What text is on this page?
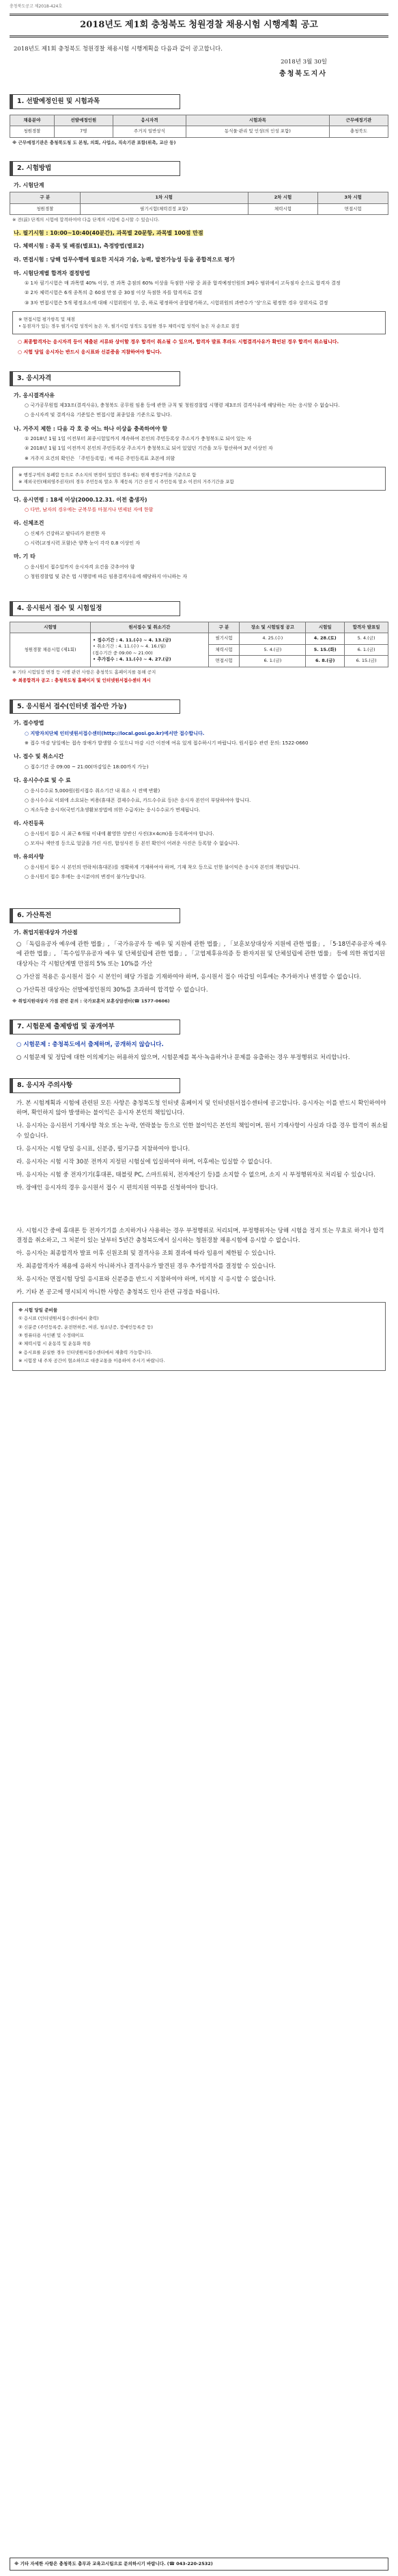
충청북도공고 제2018-424호
2018년도 제1회 충청북도 청원경찰 채용시험 시행계획 공고
2018년도 제1회 충청북도 청원경찰 채용시험 시행계획을 다음과 같이 공고합니다.
2018년 3월 30일
충청북도지사
1. 선발예정인원 및 시험과목
채용분야	선발예정인원	응시자격	시험과목	근무예정기관
청원경찰	7명	주거지 일반상식	동식물·관리 및 인성(의 인성 포함)	충청북도
※ 근무예정기관은 충청북도청 도 본청, 의회, 사업소, 직속기관 포함(위촉, 교산 등)
2. 시험방법
가. 시험단계
구 분	1차 시험	2차 시험	3차 시험
청원경찰	필기시험(체력검정 포함)	체력시험	면접시험
※ 전(前) 단계의 시험에 합격하여야 다음 단계의 시험에 응시할 수 있습니다.
나. 필기시험 : 10:00~10:40(40분간), 과목별 20문항, 과목별 100점 만점
다. 체력시험 : 종목 및 배점(별표1), 측정방법(별표2)
라. 면접시험 : 당해 업무수행에 필요한 지식과 기술, 능력, 발전가능성 등을 종합적으로 평가
마. 시험단계별 합격자 결정방법
① 1차 필기시험은 매 과목별 40% 이상, 전 과목 총점의 60% 이상을 득점한 사람 중 최종 합격예정인원의 3배수 범위에서 고득점자 순으로 합격자 결정
② 2차 체력시험은 6개 종목의 총 60점 만점 중 30점 이상 득점한 자를 합격자로 결정
③ 3차 면접시험은 5개 평정요소에 대해 시험위원이 상, 중, 하로 평정하여 종합평가하고, 시험위원의 과반수가 '상'으로 평정한 경우 상위자로 결정
※ 면접시험 평가항목 및 채점
• 동점자가 있는 경우 필기시험 성적이 높은 자, 필기시험 성적도 동일한 경우 체력시험 성적이 높은 자 순으로 결정
○ 최종합격자는 응시자격 등이 제출된 서류와 상이할 경우 합격이 취소될 수 있으며, 합격자 발표 후라도 시험결격사유가 확인된 경우 합격이 취소됩니다.
○ 시험 당일 응시자는 반드시 응시표와 신분증을 지참하여야 합니다.
3. 응시자격
가. 응시결격사유
○ 국가공무원법 제33조(결격사유), 충청북도 공무원 임용 등에 관한 규칙 및 청원경찰법 시행령 제3조의 결격사유에 해당하는 자는 응시할 수 없습니다.
○ 응시자격 및 결격사유 기준일은 면접시험 최종일을 기준으로 합니다.
나. 거주지 제한 : 다음 각 호 중 어느 하나 이상을 충족하여야 함
① 2018년 1월 1일 이전부터 최종시험일까지 계속하여 본인의 주민등록상 주소지가 충청북도로 되어 있는 자
② 2018년 1월 1일 이전까지 본인의 주민등록상 주소지가 충청북도로 되어 있었던 기간을 모두 합산하여 3년 이상인 자
※ 거주지 요건의 확인은 「주민등록법」에 따른 주민등록표 초본에 의함
※ 행정구역의 통폐합 등으로 주소지의 변경이 있었던 경우에는 현재 행정구역을 기준으로 함
※ 재외국민(해외영주권자)의 경우 주민등록 말소 후 재등록 기간 산정 시 주민등록 말소 이전의 거주기간을 포함
다. 응시연령 : 18세 이상(2000.12.31. 이전 출생자)
○ 다만, 남자의 경우에는 군복무를 마쳤거나 면제된 자에 한함
라. 신체조건
○ 신체가 건강하고 팔다리가 완전한 자
○ 시력(교정시력 포함)은 양쪽 눈이 각각 0.8 이상인 자
마. 기 타
○ 응시원서 접수일까지 응시자격 요건을 갖추어야 함
○ 청원경찰법 및 같은 법 시행령에 따른 임용결격사유에 해당하지 아니하는 자
4. 응시원서 접수 및 시험일정
시험명	원서접수 및 취소기간	구 분	장소 및 시험일정 공고	시험일	합격자 발표일
청원경찰 채용시험 (제1회)	• 접수기간 : 4. 11.(수) ~ 4. 13.(금)
• 취소기간 : 4. 11.(수) ~ 4. 16.(월)
(접수기간 중 09:00 ~ 21:00)
• 추가접수 : 4. 11.(수) ~ 4. 27.(금)	필기시험	4. 25.(수)	4. 28.(토)	5. 4.(금)
		체력시험	5. 4.(금)	5. 15.(화)	6. 1.(금)
		면접시험	6. 1.(금)	6. 8.(금)	6. 15.(금)
※ 기타 시험일정 변경 등 시행 관련 사항은 충청북도 홈페이지를 통해 공지
※ 최종합격자 공고 : 충청북도청 홈페이지 및 인터넷원서접수센터 게시
5. 응시원서 접수(인터넷 접수만 가능)
가. 접수방법
○ 지방자치단체 인터넷원서접수센터(http://local.gosi.go.kr)에서만 접수합니다.
※ 접수 마감 당일에는 접속 장애가 발생할 수 있으니 마감 시간 이전에 여유 있게 접수하시기 바랍니다. 원서접수 관련 문의: 1522-0660
나. 접수 및 취소시간
○ 접수기간 중 09:00 ~ 21:00(마감일은 18:00까지 가능)
다. 응시수수료 및 수 료
○ 응시수수료 5,000원(원서접수 취소기간 내 취소 시 전액 반환)
○ 응시수수료 이외에 소요되는 비용(휴대폰 결제수수료, 카드수수료 등)은 응시자 본인이 부담하여야 합니다.
○ 저소득층 응시자(국민기초생활보장법에 의한 수급자)는 응시수수료가 면제됩니다.
라. 사진등록
○ 응시원서 접수 시 최근 6개월 이내에 촬영한 상반신 사진(3×4cm)을 등록하여야 합니다.
○ 모자나 색안경 등으로 얼굴을 가린 사진, 합성사진 등 본인 확인이 어려운 사진은 등록할 수 없습니다.
마. 유의사항
○ 응시원서 접수 시 본인의 연락처(휴대폰)를 정확하게 기재하여야 하며, 기재 착오 등으로 인한 불이익은 응시자 본인의 책임입니다.
○ 응시원서 접수 후에는 응시분야의 변경이 불가능합니다.
6. 가산특전
가. 취업지원대상자 가산점
○ 「독립유공자 예우에 관한 법률」, 「국가유공자 등 예우 및 지원에 관한 법률」, 「보훈보상대상자 지원에 관한 법률」, 「5·18민주유공자 예우에 관한 법률」, 「특수임무유공자 예우 및 단체설립에 관한 법률」, 「고엽제후유의증 등 환자지원 및 단체설립에 관한 법률」 등에 의한 취업지원대상자는 각 시험단계별 만점의 5% 또는 10%를 가산
○ 가산점 적용은 응시원서 접수 시 본인이 해당 가점을 기재하여야 하며, 응시원서 접수 마감일 이후에는 추가하거나 변경할 수 없습니다.
○ 가산특전 대상자는 선발예정인원의 30%를 초과하여 합격할 수 없습니다.
※ 취업지원대상자 가점 관련 문의 : 국가보훈처 보훈상담센터(☎ 1577-0606)
7. 시험문제 출제방법 및 공개여부
○ 시험문제 : 충청북도에서 출제하며, 공개하지 않습니다.
○ 시험문제 및 정답에 대한 이의제기는 허용하지 않으며, 시험문제를 복사·녹음하거나 문제를 유출하는 경우 부정행위로 처리합니다.
8. 응시자 주의사항
가. 본 시험계획과 시험에 관련된 모든 사항은 충청북도청 인터넷 홈페이지 및 인터넷원서접수센터에 공고합니다. 응시자는 이를 반드시 확인하여야 하며, 확인하지 않아 발생하는 불이익은 응시자 본인의 책임입니다.
나. 응시자는 응시원서 기재사항 착오 또는 누락, 연락불능 등으로 인한 불이익은 본인의 책임이며, 원서 기재사항이 사실과 다를 경우 합격이 취소될 수 있습니다.
다. 응시자는 시험 당일 응시표, 신분증, 필기구를 지참하여야 합니다.
라. 응시자는 시험 시작 30분 전까지 지정된 시험실에 입실하여야 하며, 이후에는 입실할 수 없습니다.
마. 응시자는 시험 중 전자기기(휴대폰, 태블릿 PC, 스마트워치, 전자계산기 등)를 소지할 수 없으며, 소지 시 부정행위자로 처리될 수 있습니다.
바. 장애인 응시자의 경우 응시원서 접수 시 편의지원 여부를 신청하여야 합니다.
사. 시험시간 중에 휴대폰 등 전자기기를 소지하거나 사용하는 경우 부정행위로 처리되며, 부정행위자는 당해 시험을 정지 또는 무효로 하거나 합격결정을 취소하고, 그 처분이 있는 날부터 5년간 충청북도에서 실시하는 청원경찰 채용시험에 응시할 수 없습니다.
아. 응시자는 최종합격자 발표 이후 신원조회 및 결격사유 조회 결과에 따라 임용이 제한될 수 있습니다.
자. 최종합격자가 채용에 응하지 아니하거나 결격사유가 발견된 경우 추가합격자를 결정할 수 있습니다.
차. 응시자는 면접시험 당일 응시표와 신분증을 반드시 지참하여야 하며, 미지참 시 응시할 수 없습니다.
카. 기타 본 공고에 명시되지 아니한 사항은 충청북도 인사 관련 규정을 따릅니다.
※ 시험 당일 준비물
① 응시표 (인터넷원서접수센터에서 출력)
② 신분증 (주민등록증, 운전면허증, 여권, 청소년증, 장애인등록증 등)
③ 컴퓨터용 사인펜 및 수정테이프
④ 체력시험 시 운동복 및 운동화 착용
※ 응시표를 분실한 경우 인터넷원서접수센터에서 재출력 가능합니다.
※ 시험장 내 주차 공간이 협소하므로 대중교통을 이용하여 주시기 바랍니다.
※ 기타 자세한 사항은 충청북도 총무과 교육고시팀으로 문의하시기 바랍니다. (☎ 043-220-2532)
